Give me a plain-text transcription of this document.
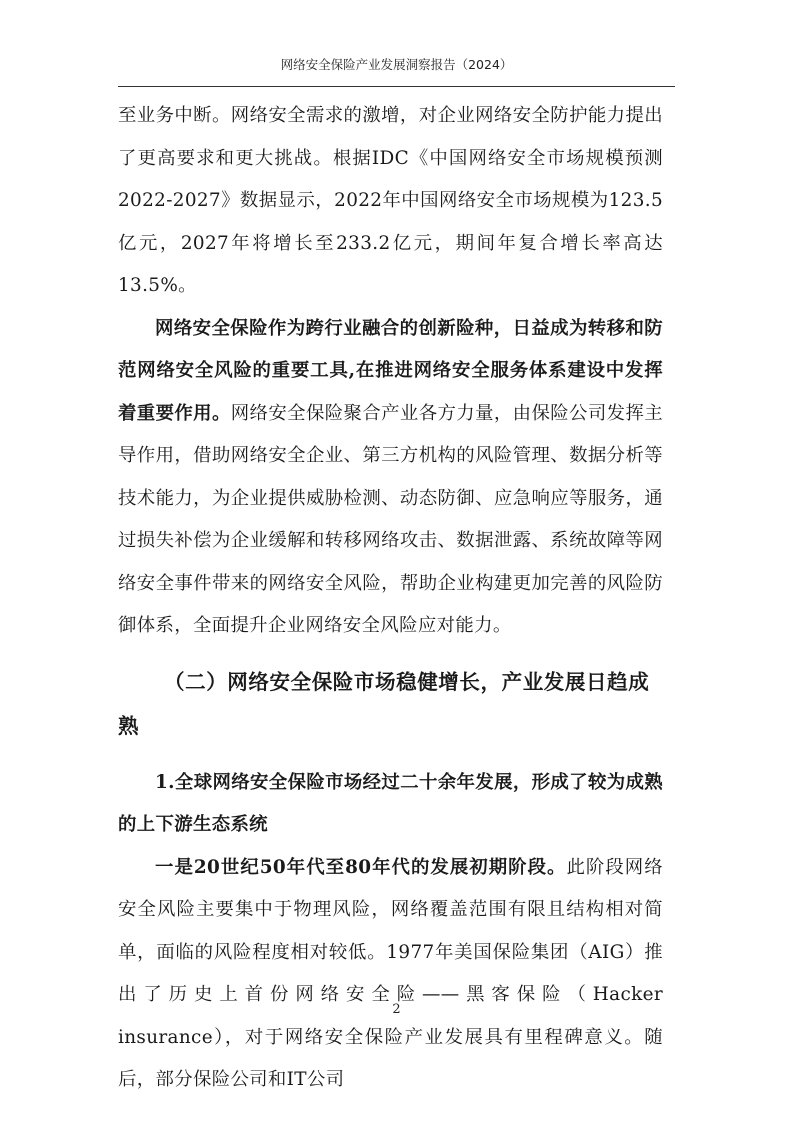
网络安全保险产业发展洞察报告（2024）

至业务中断。网络安全需求的激增，对企业网络安全防护能力提出了更高要求和更大挑战。根据IDC《中国网络安全市场规模预测2022-2027》数据显示，2022年中国网络安全市场规模为123.5亿元，2027年将增长至233.2亿元，期间年复合增长率高达13.5%。

网络安全保险作为跨行业融合的创新险种，日益成为转移和防范网络安全风险的重要工具,在推进网络安全服务体系建设中发挥着重要作用。网络安全保险聚合产业各方力量，由保险公司发挥主导作用，借助网络安全企业、第三方机构的风险管理、数据分析等技术能力，为企业提供威胁检测、动态防御、应急响应等服务，通过损失补偿为企业缓解和转移网络攻击、数据泄露、系统故障等网络安全事件带来的网络安全风险，帮助企业构建更加完善的风险防御体系，全面提升企业网络安全风险应对能力。

（二）网络安全保险市场稳健增长，产业发展日趋成熟
1.全球网络安全保险市场经过二十余年发展，形成了较为成熟的上下游生态系统

一是20世纪50年代至80年代的发展初期阶段。此阶段网络安全风险主要集中于物理风险，网络覆盖范围有限且结构相对简单，面临的风险程度相对较低。1977年美国保险集团（AIG）推出了历史上首份网络安全险——黑客保险（Hacker insurance），对于网络安全保险产业发展具有里程碑意义。随后，部分保险公司和IT公司

2
